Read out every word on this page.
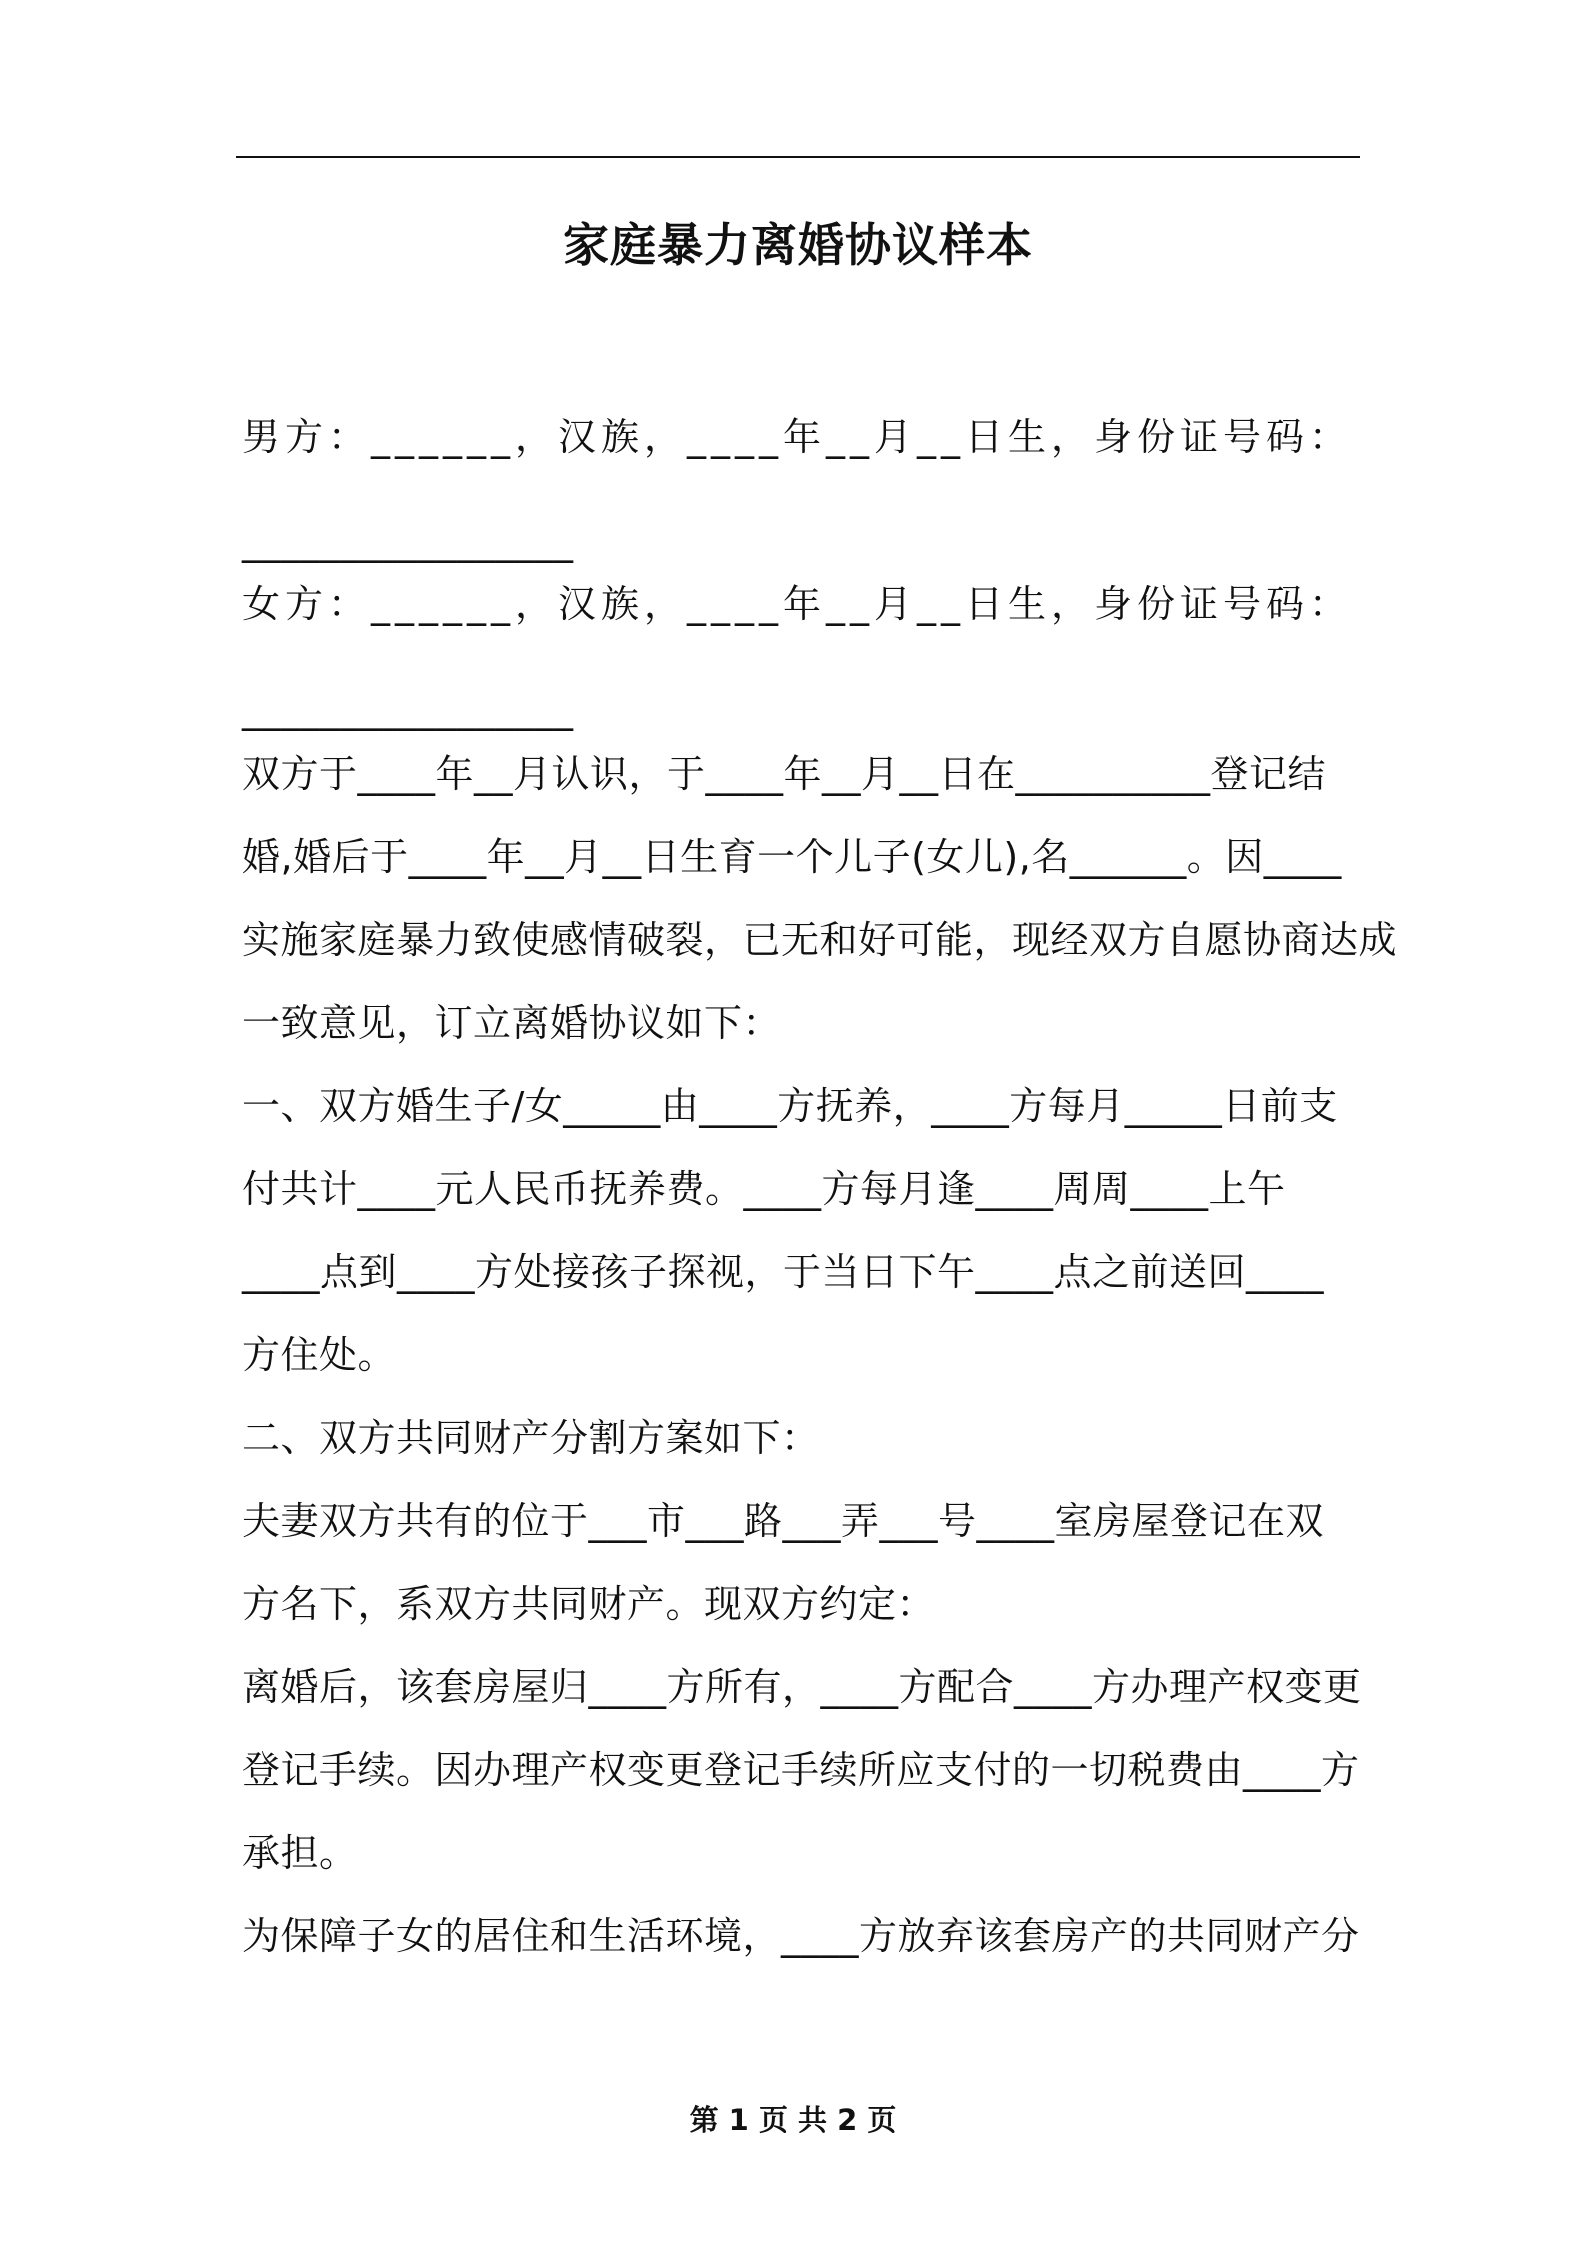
家庭暴力离婚协议样本
男方：______，汉族，____年__月__日生，身份证号码：
_________________
女方：______，汉族，____年__月__日生，身份证号码：
_________________
双方于____年__月认识，于____年__月__日在__________登记结
婚,婚后于____年__月__日生育一个儿子(女儿),名______。因____
实施家庭暴力致使感情破裂，已无和好可能，现经双方自愿协商达成
一致意见，订立离婚协议如下：
一、双方婚生子/女_____由____方抚养，____方每月_____日前支
付共计____元人民币抚养费。____方每月逢____周周____上午
____点到____方处接孩子探视，于当日下午____点之前送回____
方住处。
二、双方共同财产分割方案如下：
夫妻双方共有的位于___市___路___弄___号____室房屋登记在双
方名下，系双方共同财产。现双方约定：
离婚后，该套房屋归____方所有，____方配合____方办理产权变更
登记手续。因办理产权变更登记手续所应支付的一切税费由____方
承担。
为保障子女的居住和生活环境，____方放弃该套房产的共同财产分
第 1 页 共 2 页
